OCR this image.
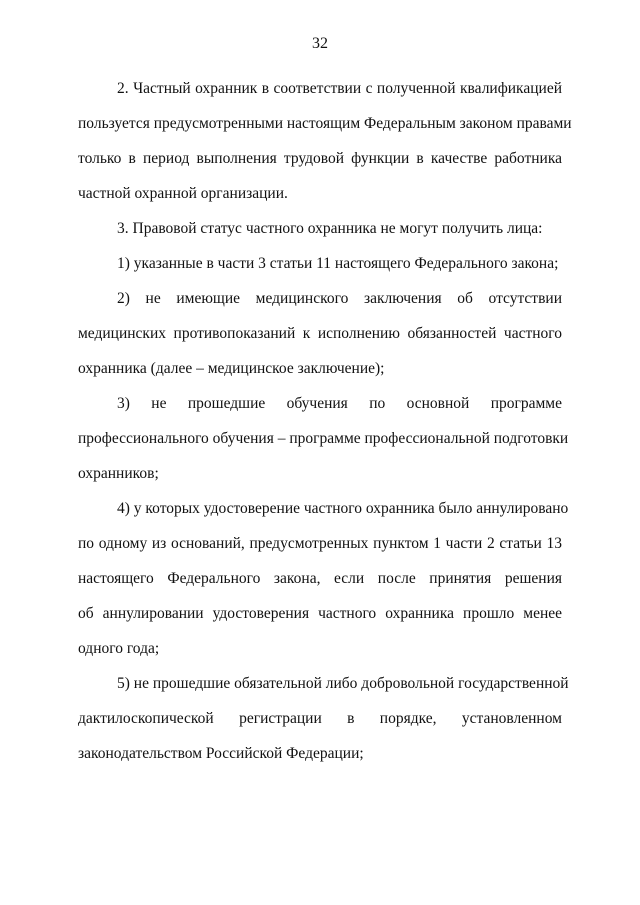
32
2. Частный охранник в соответствии с полученной квалификацией
пользуется предусмотренными настоящим Федеральным законом правами
только в период выполнения трудовой функции в качестве работника
частной охранной организации.
3. Правовой статус частного охранника не могут получить лица:
1) указанные в части 3 статьи 11 настоящего Федерального закона;
2) не имеющие медицинского заключения об отсутствии
медицинских противопоказаний к исполнению обязанностей частного
охранника (далее – медицинское заключение);
3) не прошедшие обучения по основной программе
профессионального обучения – программе профессиональной подготовки
охранников;
4) у которых удостоверение частного охранника было аннулировано
по одному из оснований, предусмотренных пунктом 1 части 2 статьи 13
настоящего Федерального закона, если после принятия решения
об аннулировании удостоверения частного охранника прошло менее
одного года;
5) не прошедшие обязательной либо добровольной государственной
дактилоскопической регистрации в порядке, установленном
законодательством Российской Федерации;
